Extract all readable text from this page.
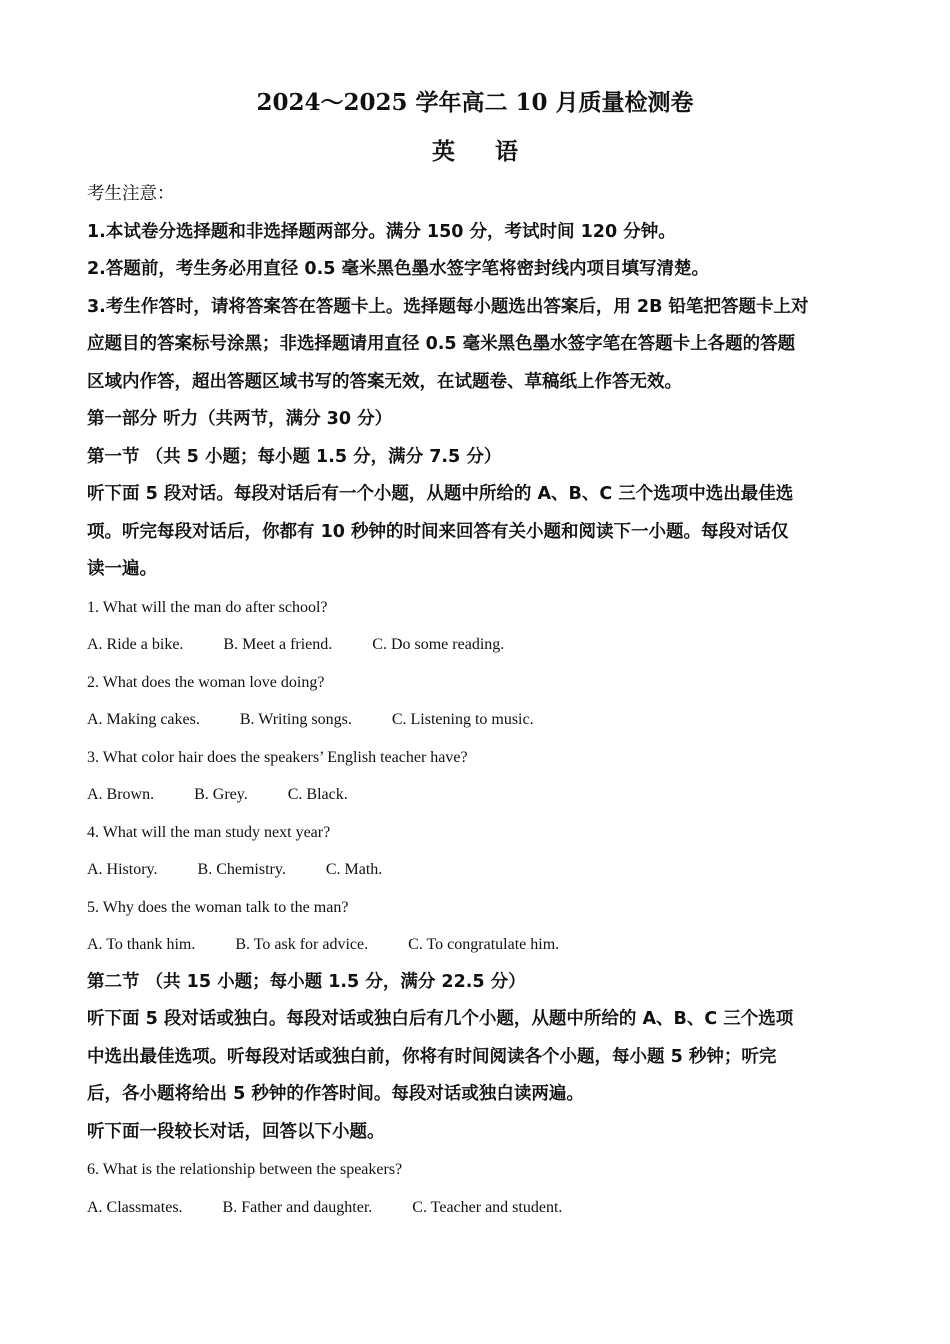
2024～2025 学年高二 10 月质量检测卷
英 语
考生注意：
1.本试卷分选择题和非选择题两部分。满分 150 分，考试时间 120 分钟。
2.答题前，考生务必用直径 0.5 毫米黑色墨水签字笔将密封线内项目填写清楚。
3.考生作答时，请将答案答在答题卡上。选择题每小题选出答案后，用 2B 铅笔把答题卡上对
应题目的答案标号涂黑；非选择题请用直径 0.5 毫米黑色墨水签字笔在答题卡上各题的答题
区域内作答，超出答题区域书写的答案无效，在试题卷、草稿纸上作答无效。
第一部分 听力（共两节，满分 30 分）
第一节 （共 5 小题；每小题 1.5 分，满分 7.5 分）
听下面 5 段对话。每段对话后有一个小题，从题中所给的 A、B、C 三个选项中选出最佳选
项。听完每段对话后，你都有 10 秒钟的时间来回答有关小题和阅读下一小题。每段对话仅
读一遍。
1. What will the man do after school?
A. Ride a bike.	B. Meet a friend.	C. Do some reading.
2. What does the woman love doing?
A. Making cakes.	B. Writing songs.	C. Listening to music.
3. What color hair does the speakers’ English teacher have?
A. Brown.	B. Grey.	C. Black.
4. What will the man study next year?
A. History.	B. Chemistry.	C. Math.
5. Why does the woman talk to the man?
A. To thank him.	B. To ask for advice.	C. To congratulate him.
第二节 （共 15 小题；每小题 1.5 分，满分 22.5 分）
听下面 5 段对话或独白。每段对话或独白后有几个小题，从题中所给的 A、B、C 三个选项
中选出最佳选项。听每段对话或独白前，你将有时间阅读各个小题，每小题 5 秒钟；听完
后，各小题将给出 5 秒钟的作答时间。每段对话或独白读两遍。
听下面一段较长对话，回答以下小题。
6. What is the relationship between the speakers?
A. Classmates.	B. Father and daughter.	C. Teacher and student.
